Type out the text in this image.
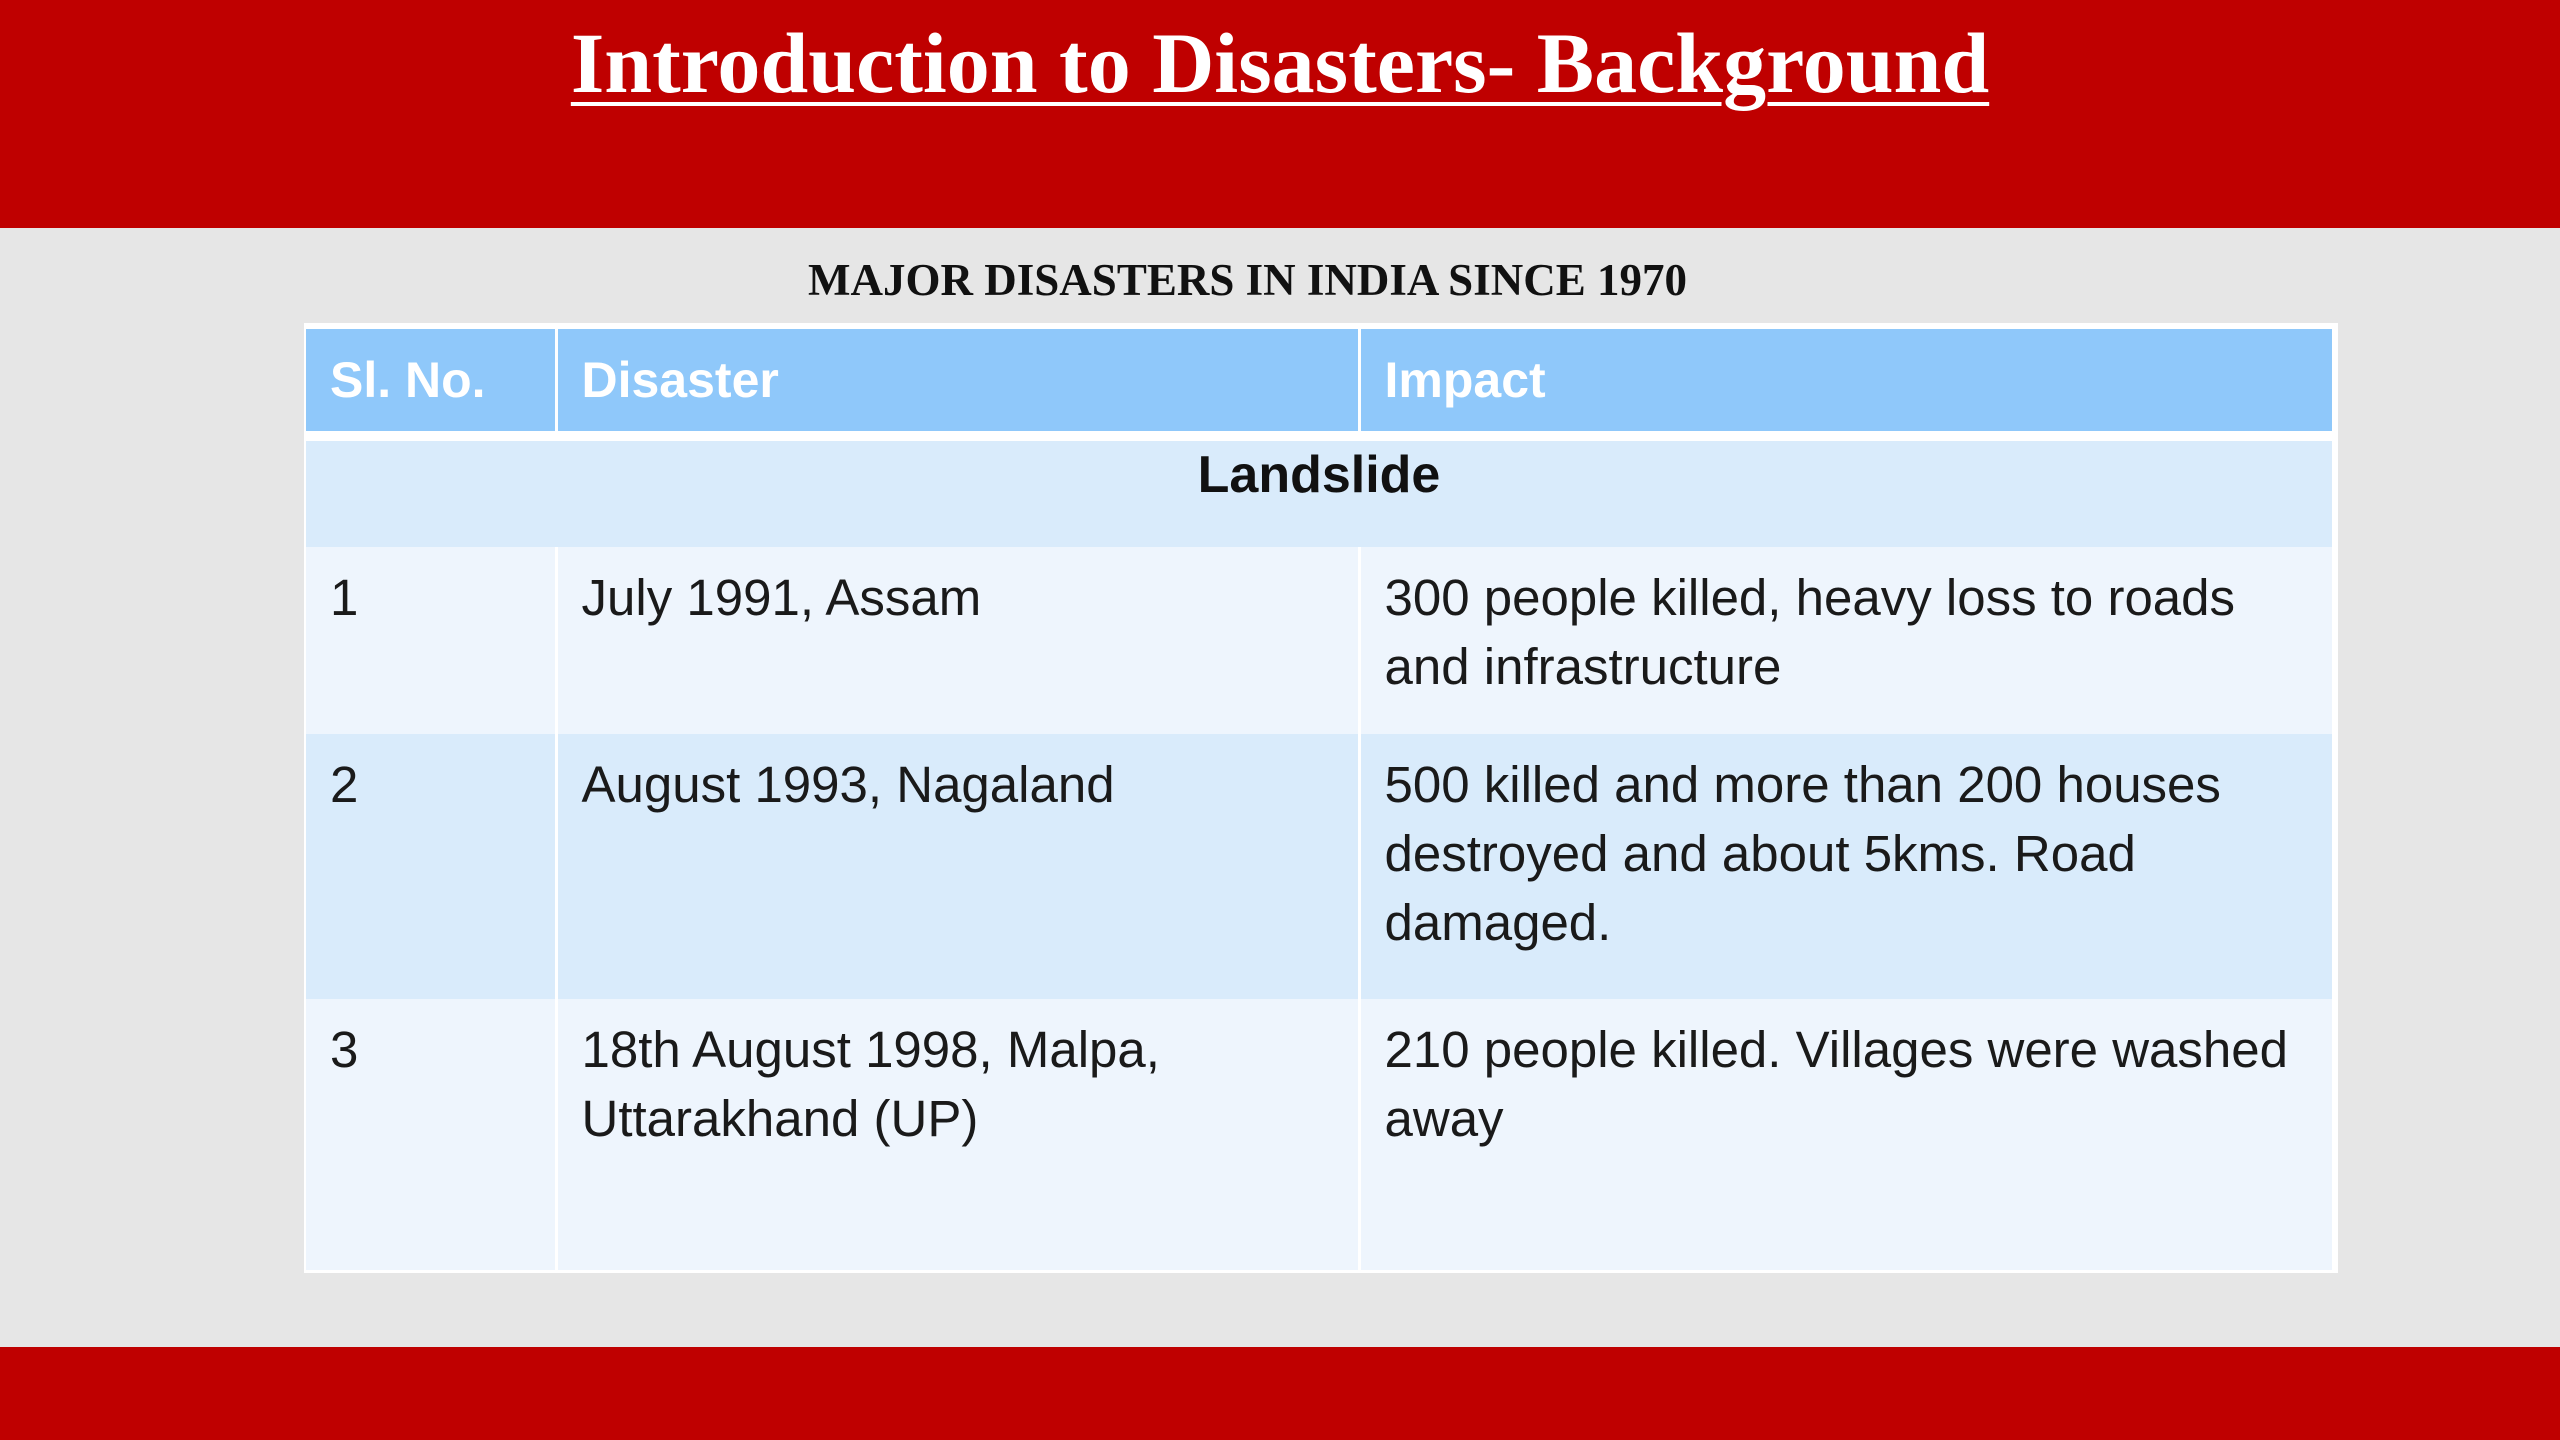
Introduction to Disasters- Background
MAJOR DISASTERS IN INDIA SINCE 1970
Sl. No.	Disaster	Impact
Landslide		
1	July 1991, Assam	300 people killed, heavy loss to roads and infrastructure
2	August 1993, Nagaland	500 killed and more than 200 houses destroyed and about 5kms. Road damaged.
3	18th August 1998, Malpa, Uttarakhand (UP)	210 people killed. Villages were washed away
